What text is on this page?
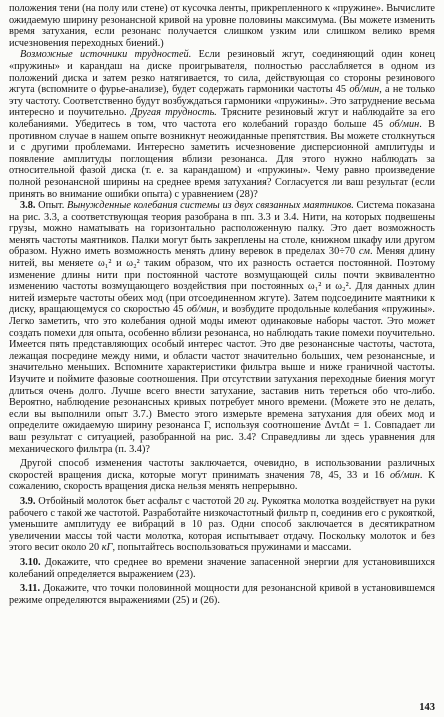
положения тени (на полу или стене) от кусочка ленты, прикрепленного к «пружине». Вычислите ожидаемую ширину резонансной кривой на уровне половины максимума. (Вы можете изменить время затухания, если резонанс получается слишком узким или слишком велико время исчезновения переходных биений.)

Возможные источники трудностей. Если резиновый жгут, соединяющий один конец «пружины» и карандаш на диске проигрывателя, полностью расслабляется в одном из положений диска и затем резко натягивается, то сила, действующая со стороны резинового жгута (вспомните о фурье-анализе), будет содержать гармоники частоты 45 об/мин, а не только эту частоту. Соответственно будут возбуждаться гармоники «пружины». Это затруднение весьма интересно и поучительно. Другая трудность. Трясните резиновый жгут и наблюдайте за его колебаниями. Убедитесь в том, что частота его колебаний гораздо больше 45 об/мин. В противном случае в нашем опыте возникнут неожиданные препятствия. Вы можете столкнуться и с другими проблемами. Интересно заметить исчезновение дисперсионной амплитуды и появление амплитуды поглощения вблизи резонанса. Для этого нужно наблюдать за относительной фазой диска (т. е. за карандашом) и «пружины». Чему равно произведение полной резонансной ширины на среднее время затухания? Согласуется ли ваш результат (если принять во внимание ошибки опыта) с уравнением (28)?

3.8. Опыт. Вынужденные колебания системы из двух связанных маятников. Система показана на рис. 3.3, а соответствующая теория разобрана в пп. 3.3 и 3.4. Нити, на которых подвешены грузы, можно наматывать на горизонтально расположенную палку. Это дает возможность менять частоты маятников. Палки могут быть закреплены на столе, книжном шкафу или другом образом. Нужно иметь возможность менять длину веревок в пределах 30÷70 см. Меняя длину нитей, вы меняете ω₁² и ω₂² таким образом, что их разность остается постоянной. Поэтому изменение длины нити при постоянной частоте возмущающей силы почти эквивалентно изменению частоты возмущающего воздействия при постоянных ω₁² и ω₂². Для данных длин нитей измерьте частоты обеих мод (при отсоединенном жгуте). Затем подсоедините маятники к диску, вращающемуся со скоростью 45 об/мин, и возбудите продольные колебания «пружины». Легко заметить, что это колебания одной моды имеют одинаковые наборы частот. Это может создать помехи для опыта, особенно вблизи резонанса, но наблюдать такие помехи поучительно. Имеется пять представляющих особый интерес частот. Это две резонансные частоты, частота, лежащая посредине между ними, и области частот значительно больших, чем резонансные, и значительно меньших. Вспомните характеристики фильтра выше и ниже граничной частоты. Изучите и поймите фазовые соотношения. При отсутствии затухания переходные биения могут длиться очень долго. Лучше всего внести затухание, заставив нить тереться обо что-либо. Вероятно, наблюдение резонансных кривых потребует много времени. (Можете это не делать, если вы выполнили опыт 3.7.) Вместо этого измерьте времена затухания для обеих мод и определите ожидаемую ширину резонанса Γ, используя соотношение ΔντΔt = 1. Совпадает ли ваш результат с ситуацией, разобранной на рис. 3.4? Справедливы ли здесь уравнения для механического фильтра (п. 3.4)?

Другой способ изменения частоты заключается, очевидно, в использовании различных скоростей вращения диска, которые могут принимать значения 78, 45, 33 и 16 об/мин. К сожалению, скорость вращения диска нельзя менять непрерывно.

3.9. Отбойный молоток бьет асфальт с частотой 20 гц. Рукоятка молотка воздействует на руки рабочего с такой же частотой. Разработайте низкочастотный фильтр п, соединив его с рукояткой, уменьшите амплитуду ее вибраций в 10 раз. Одни способ заключается в десятикратном увеличении массы той части молотка, которая испытывает отдачу. Поскольку молоток и без этого весит около 20 кГ, попытайтесь воспользоваться пружинами и массами.

3.10. Докажите, что среднее во времени значение запасенной энергии для установившихся колебаний определяется выражением (23).

3.11. Докажите, что точки половинной мощности для резонансной кривой в установившемся режиме определяются выражениями (25) и (26).

143
